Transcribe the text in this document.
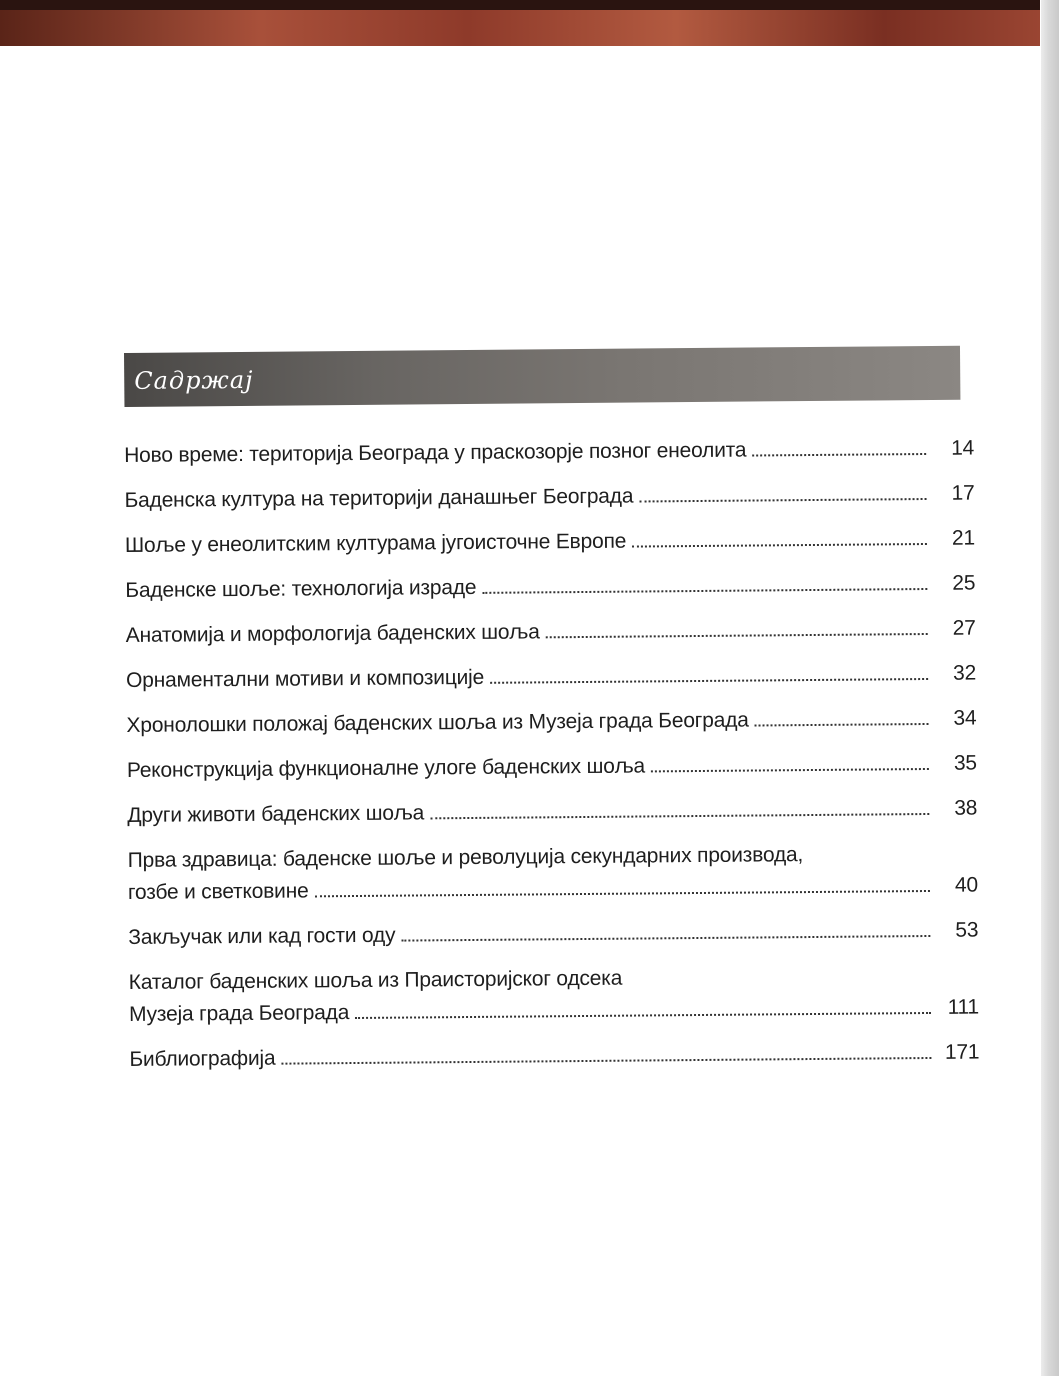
Садржај
Ново време: територија Београда у праскозорје позног енеолита	14
Баденска култура на територији данашњег Београда	17
Шоље у енеолитским културама југоисточне Европе	21
Баденске шоље: технологија израде	25
Анатомија и морфологија баденских шоља	27
Орнаментални мотиви и композиције	32
Хронолошки положај баденских шоља из Музеја града Београда	34
Реконструкција функционалне улоге баденских шоља	35
Други животи баденских шоља	38
Прва здравица: баденске шоље и револуција секундарних производа,
гозбе и светковине	40
Закључак или кад гости оду	53
Каталог баденских шоља из Праисторијског одсека
Музеја града Београда	111
Библиографија	171
